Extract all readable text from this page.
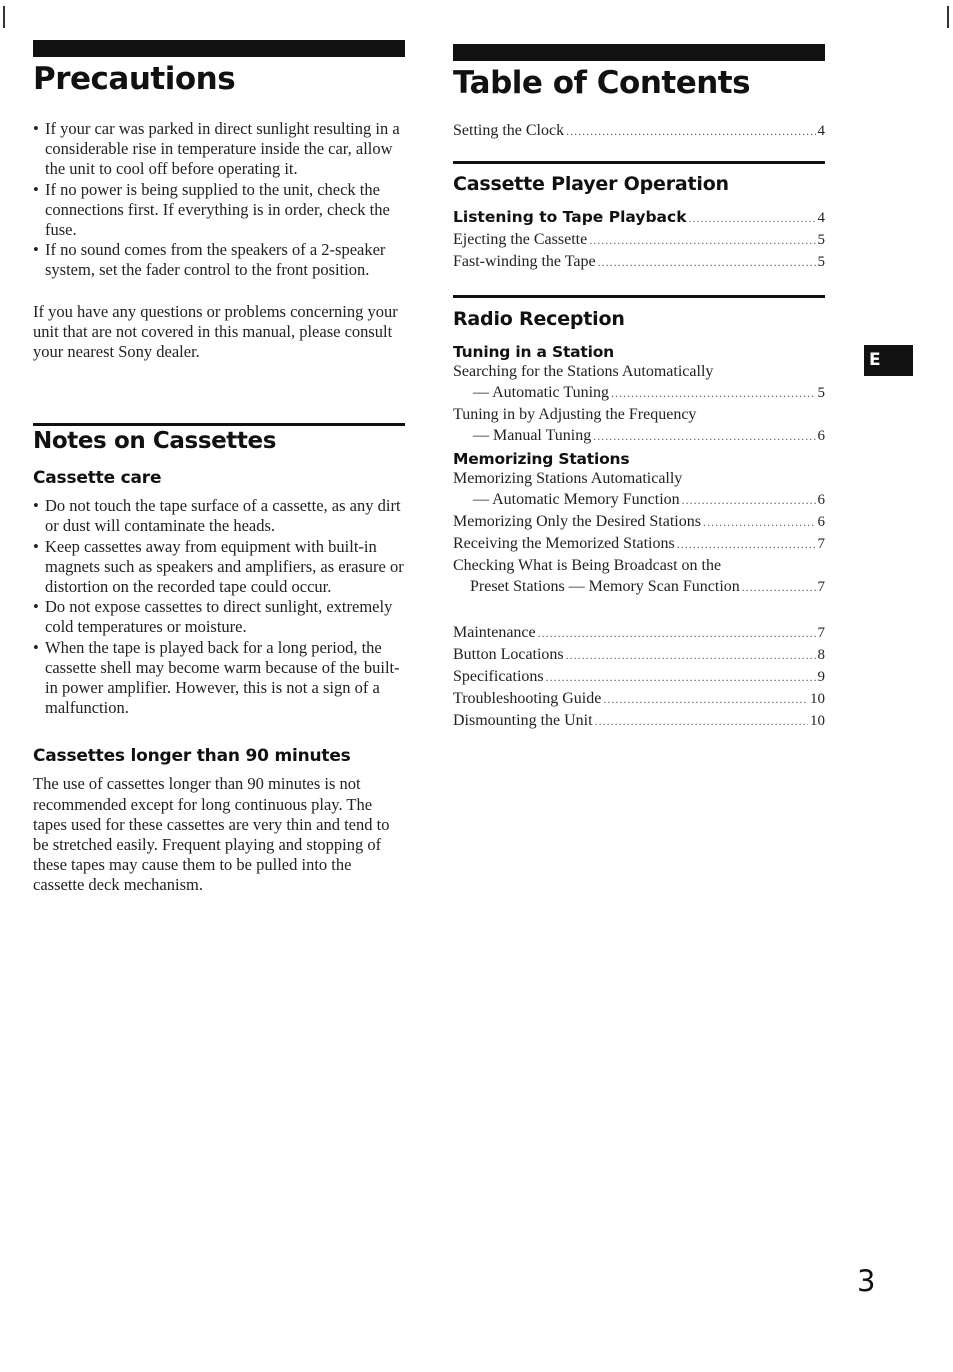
Precautions
• If your car was parked in direct sunlight resulting in a considerable rise in temperature inside the car, allow the unit to cool off before operating it.
• If no power is being supplied to the unit, check the connections first. If everything is in order, check the fuse.
• If no sound comes from the speakers of a 2-speaker system, set the fader control to the front position.

If you have any questions or problems concerning your unit that are not covered in this manual, please consult your nearest Sony dealer.

Notes on Cassettes
Cassette care
• Do not touch the tape surface of a cassette, as any dirt or dust will contaminate the heads.
• Keep cassettes away from equipment with built-in magnets such as speakers and amplifiers, as erasure or distortion on the recorded tape could occur.
• Do not expose cassettes to direct sunlight, extremely cold temperatures or moisture.
• When the tape is played back for a long period, the cassette shell may become warm because of the built-in power amplifier. However, this is not a sign of a malfunction.
Cassettes longer than 90 minutes

The use of cassettes longer than 90 minutes is not recommended except for long continuous play. The tapes used for these cassettes are very thin and tend to be stretched easily. Frequent playing and stopping of these tapes may cause them to be pulled into the cassette deck mechanism.

Table of Contents
Setting the Clock .....	4
Cassette Player Operation
Listening to Tape Playback .....	4
Ejecting the Cassette .....	5
Fast-winding the Tape .....	5
Radio Reception
Tuning in a Station
Searching for the Stations Automatically
— Automatic Tuning .....	5
Tuning in by Adjusting the Frequency
— Manual Tuning .....	6
Memorizing Stations
Memorizing Stations Automatically
— Automatic Memory Function .....	6
Memorizing Only the Desired Stations .....	6
Receiving the Memorized Stations .....	7
Checking What is Being Broadcast on the
Preset Stations — Memory Scan Function .....	7
Maintenance .....	7
Button Locations .....	8
Specifications .....	9
Troubleshooting Guide .....	10
Dismounting the Unit .....	10
E
3
